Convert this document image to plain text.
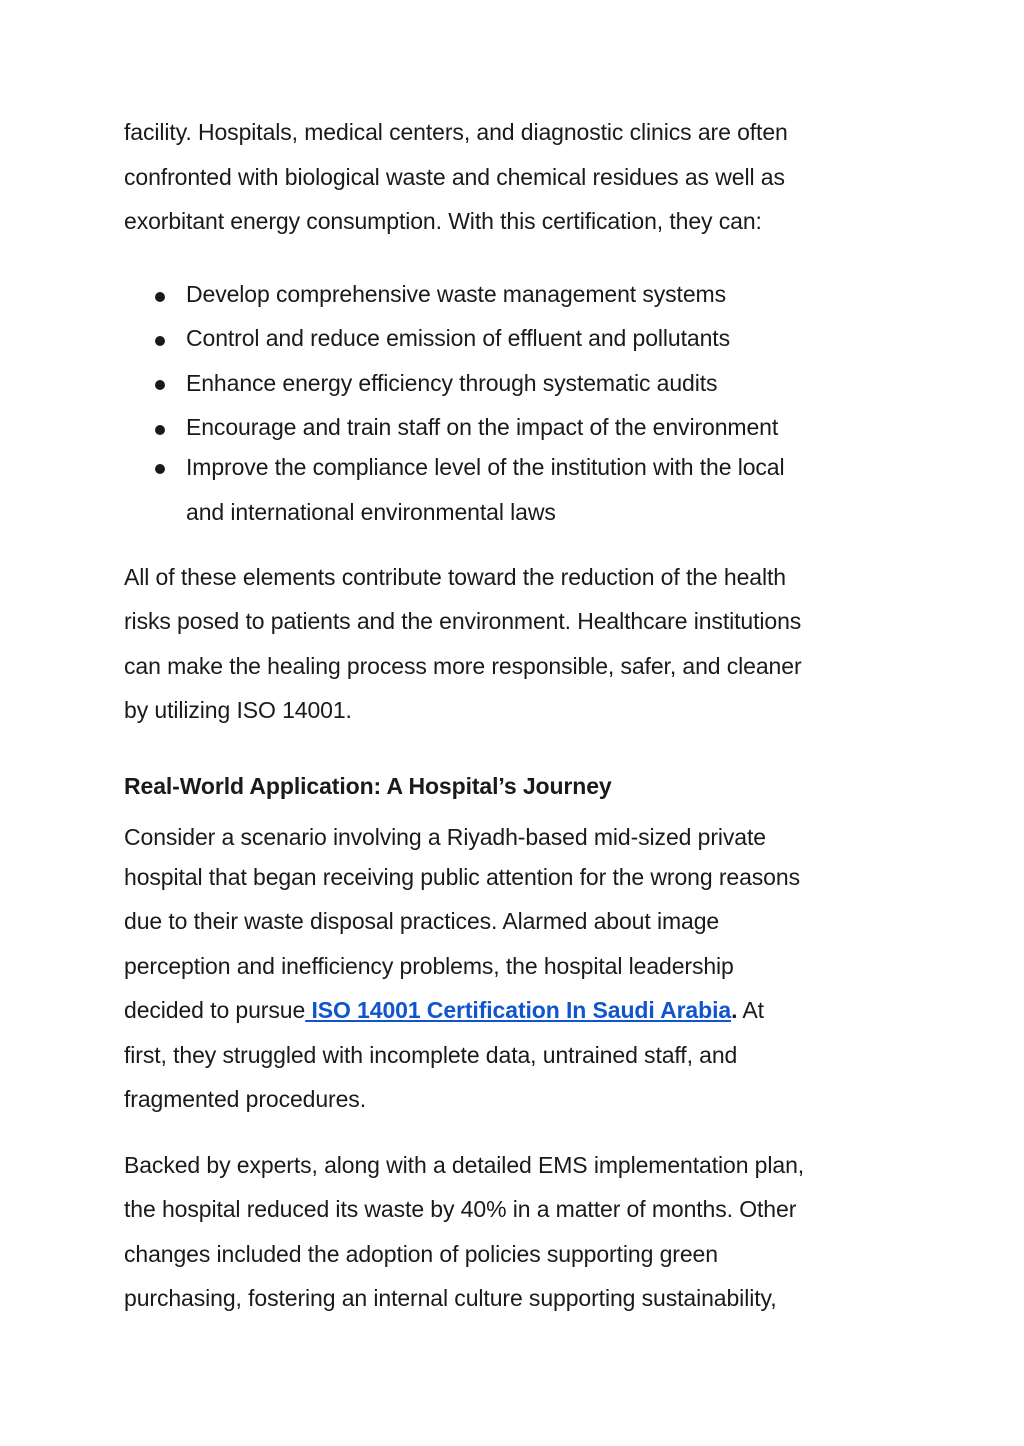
facility. Hospitals, medical centers, and diagnostic clinics are often
confronted with biological waste and chemical residues as well as
exorbitant energy consumption. With this certification, they can:
Develop comprehensive waste management systems
Control and reduce emission of effluent and pollutants
Enhance energy efficiency through systematic audits
Encourage and train staff on the impact of the environment
Improve the compliance level of the institution with the local
and international environmental laws
All of these elements contribute toward the reduction of the health
risks posed to patients and the environment. Healthcare institutions
can make the healing process more responsible, safer, and cleaner
by utilizing ISO 14001.
Real-World Application: A Hospital’s Journey
Consider a scenario involving a Riyadh-based mid-sized private
hospital that began receiving public attention for the wrong reasons
due to their waste disposal practices. Alarmed about image
perception and inefficiency problems, the hospital leadership
decided to pursue ISO 14001 Certification In Saudi Arabia. At
first, they struggled with incomplete data, untrained staff, and
fragmented procedures.
Backed by experts, along with a detailed EMS implementation plan,
the hospital reduced its waste by 40% in a matter of months. Other
changes included the adoption of policies supporting green
purchasing, fostering an internal culture supporting sustainability,
